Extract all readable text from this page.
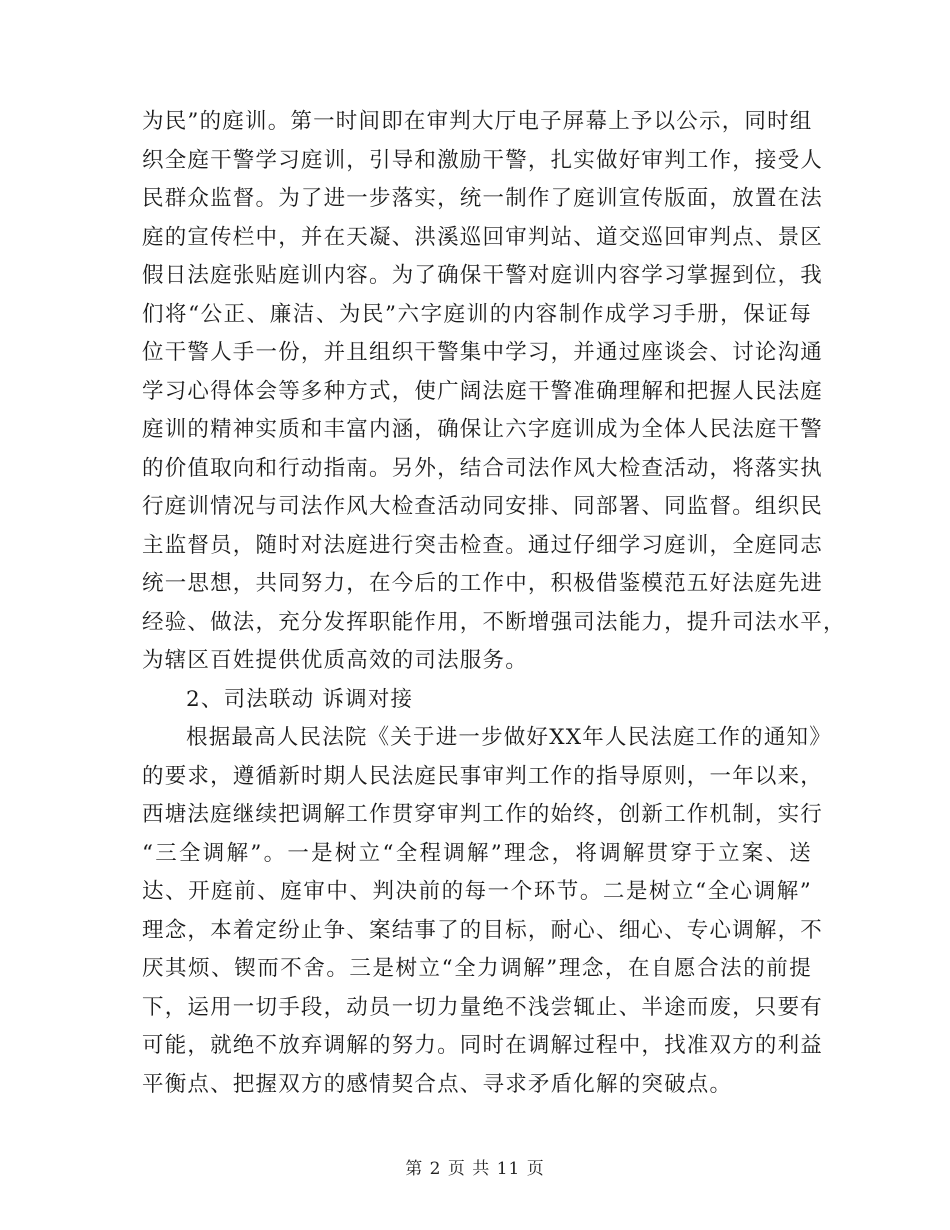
为民”的庭训。第一时间即在审判大厅电子屏幕上予以公示，同时组
织全庭干警学习庭训，引导和激励干警，扎实做好审判工作，接受人
民群众监督。为了进一步落实，统一制作了庭训宣传版面，放置在法
庭的宣传栏中，并在天凝、洪溪巡回审判站、道交巡回审判点、景区
假日法庭张贴庭训内容。为了确保干警对庭训内容学习掌握到位，我
们将“公正、廉洁、为民”六字庭训的内容制作成学习手册，保证每
位干警人手一份，并且组织干警集中学习，并通过座谈会、讨论沟通
学习心得体会等多种方式，使广阔法庭干警准确理解和把握人民法庭
庭训的精神实质和丰富内涵，确保让六字庭训成为全体人民法庭干警
的价值取向和行动指南。另外，结合司法作风大检查活动，将落实执
行庭训情况与司法作风大检查活动同安排、同部署、同监督。组织民
主监督员，随时对法庭进行突击检查。通过仔细学习庭训，全庭同志
统一思想，共同努力，在今后的工作中，积极借鉴模范五好法庭先进
经验、做法，充分发挥职能作用，不断增强司法能力，提升司法水平，
为辖区百姓提供优质高效的司法服务。
2、司法联动 诉调对接
根据最高人民法院《关于进一步做好XX年人民法庭工作的通知》
的要求，遵循新时期人民法庭民事审判工作的指导原则，一年以来，
西塘法庭继续把调解工作贯穿审判工作的始终，创新工作机制，实行
“三全调解”。一是树立“全程调解”理念，将调解贯穿于立案、送
达、开庭前、庭审中、判决前的每一个环节。二是树立“全心调解”
理念，本着定纷止争、案结事了的目标，耐心、细心、专心调解，不
厌其烦、锲而不舍。三是树立“全力调解”理念，在自愿合法的前提
下，运用一切手段，动员一切力量绝不浅尝辄止、半途而废，只要有
可能，就绝不放弃调解的努力。同时在调解过程中，找准双方的利益
平衡点、把握双方的感情契合点、寻求矛盾化解的突破点。
第 2 页 共 11 页
